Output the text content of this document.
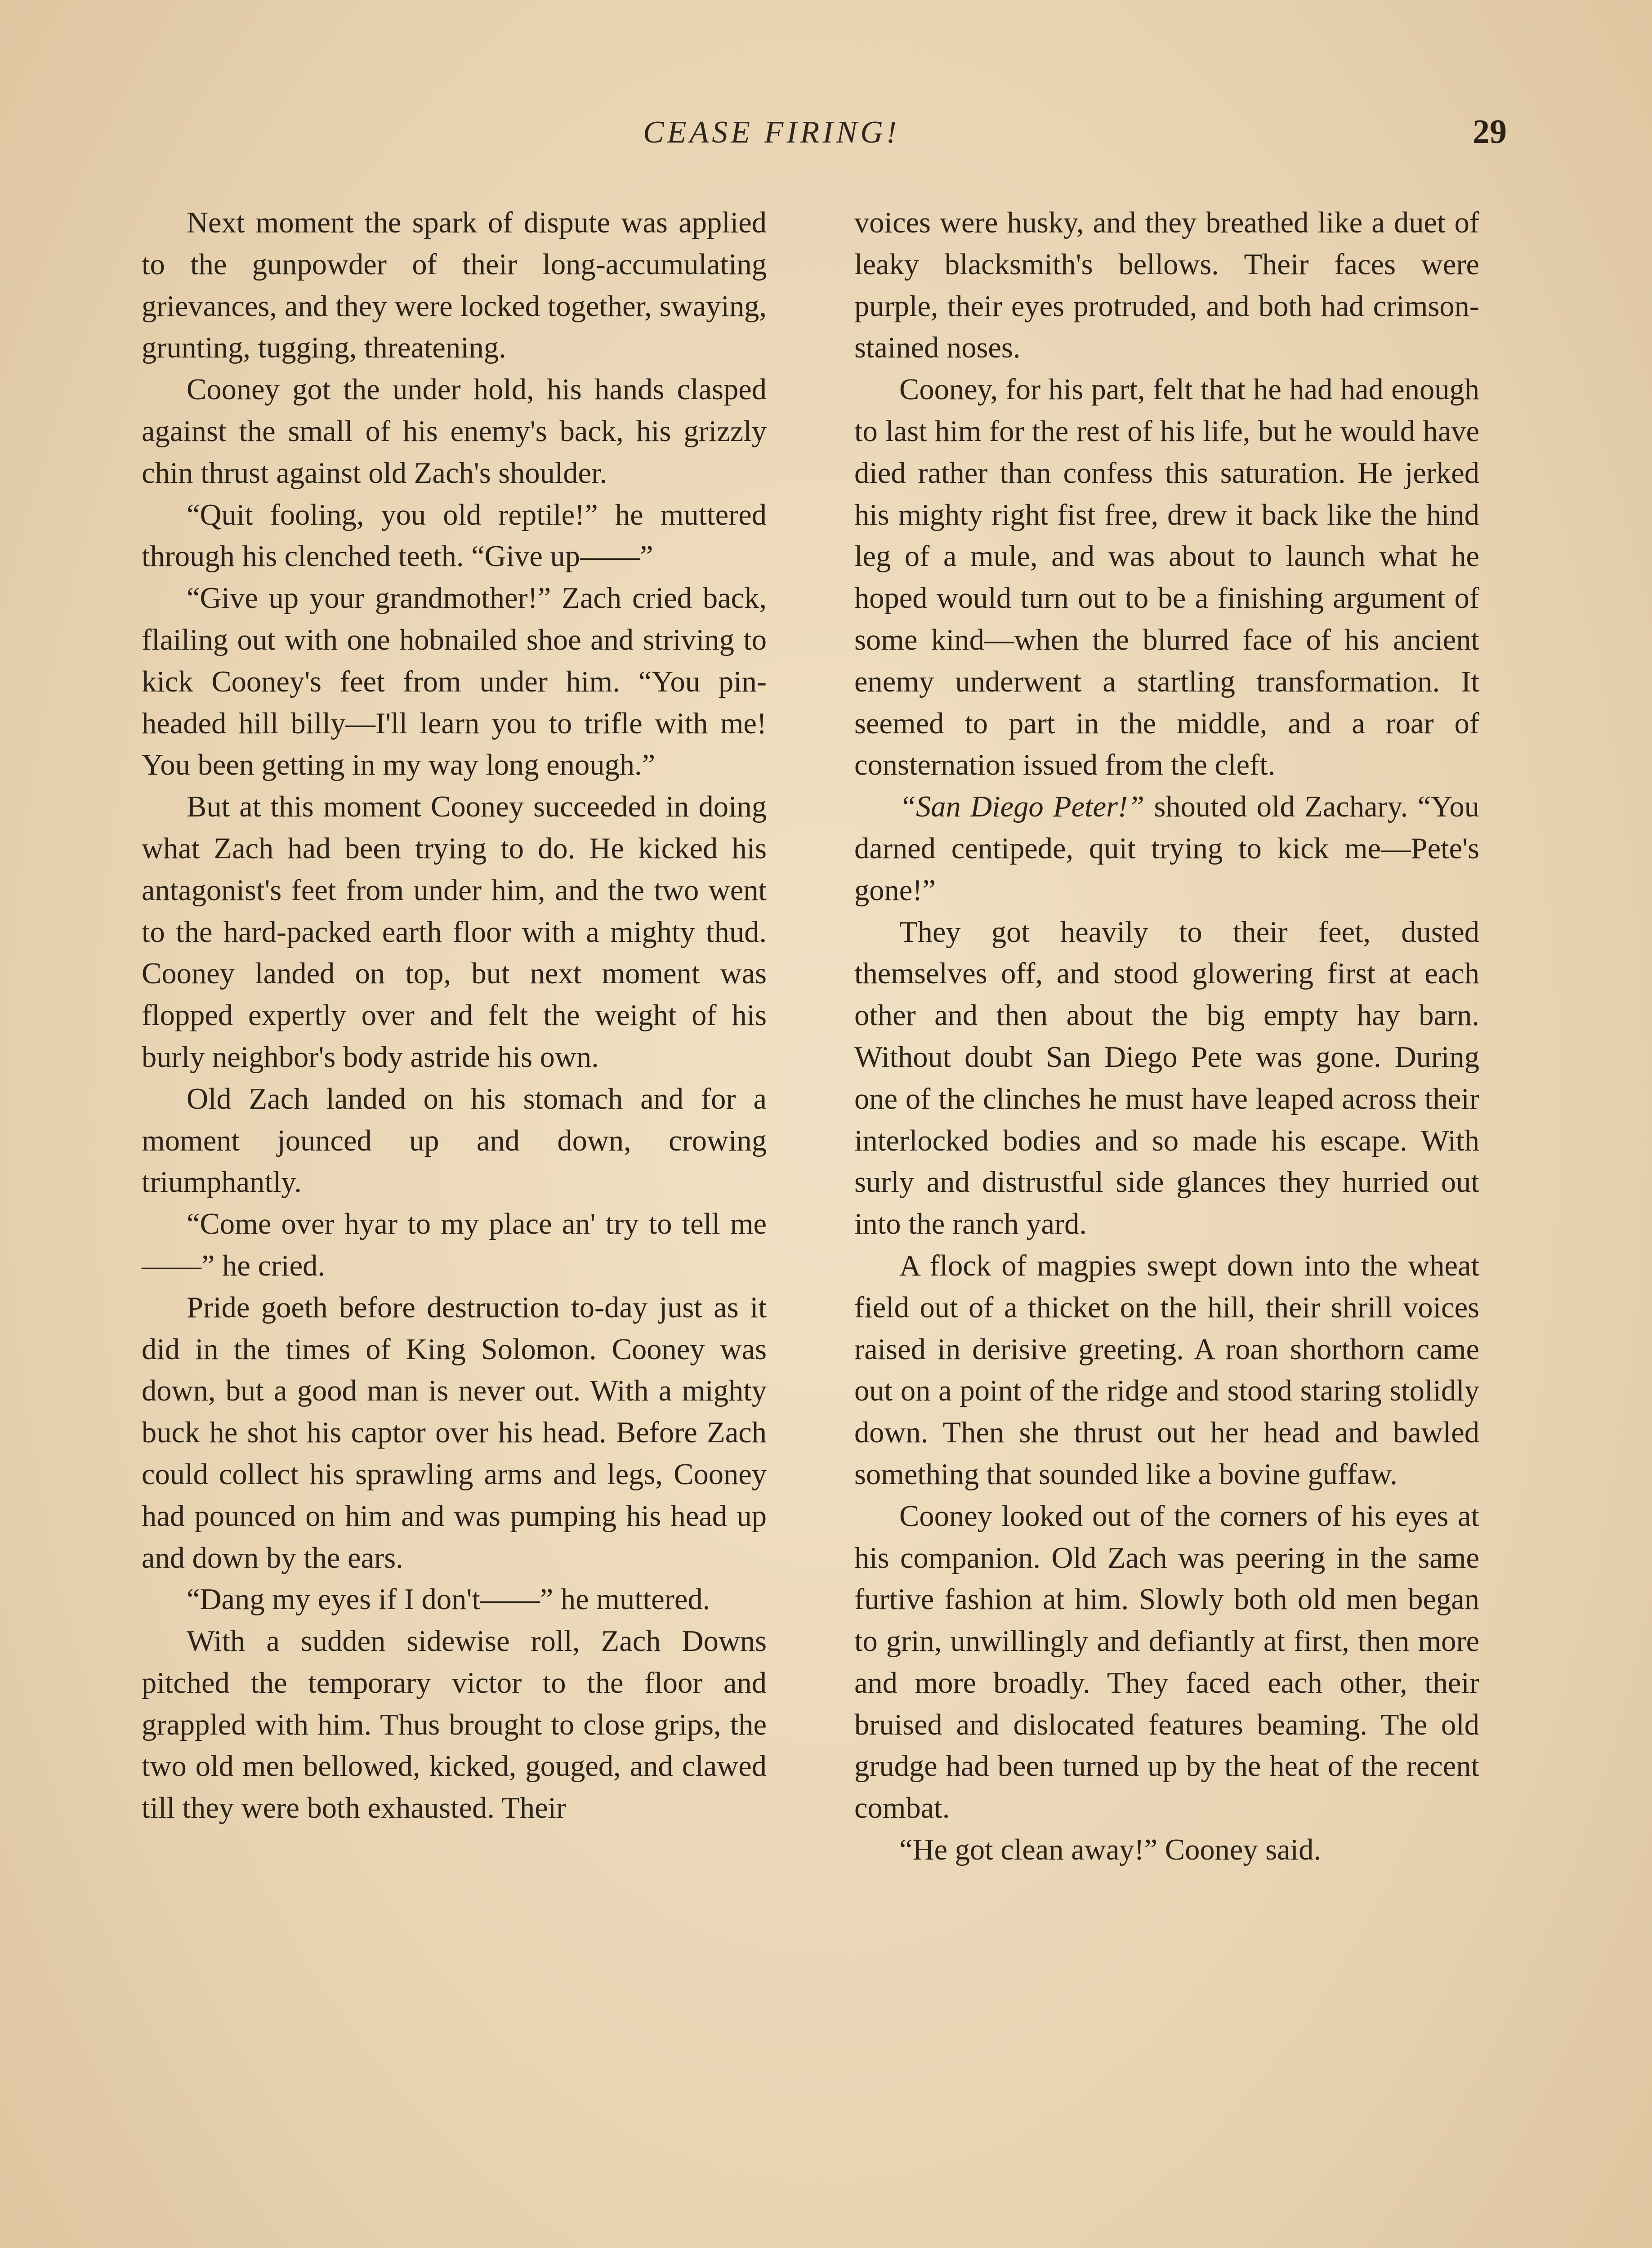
CEASE FIRING!	29

Next moment the spark of dispute was applied to the gunpowder of their long-accumulating grievances, and they were locked together, swaying, grunting, tugging, threatening.

Cooney got the under hold, his hands clasped against the small of his enemy's back, his grizzly chin thrust against old Zach's shoulder.

“Quit fooling, you old reptile!” he muttered through his clenched teeth. “Give up——”

“Give up your grandmother!” Zach cried back, flailing out with one hobnailed shoe and striving to kick Cooney's feet from under him. “You pin-headed hill billy—I'll learn you to trifle with me! You been getting in my way long enough.”

But at this moment Cooney succeeded in doing what Zach had been trying to do. He kicked his antagonist's feet from under him, and the two went to the hard-packed earth floor with a mighty thud. Cooney landed on top, but next moment was flopped expertly over and felt the weight of his burly neighbor's body astride his own.

Old Zach landed on his stomach and for a moment jounced up and down, crowing triumphantly.

“Come over hyar to my place an' try to tell me——” he cried.

Pride goeth before destruction to-day just as it did in the times of King Solomon. Cooney was down, but a good man is never out. With a mighty buck he shot his captor over his head. Before Zach could collect his sprawling arms and legs, Cooney had pounced on him and was pumping his head up and down by the ears.

“Dang my eyes if I don't——” he muttered.

With a sudden sidewise roll, Zach Downs pitched the temporary victor to the floor and grappled with him. Thus brought to close grips, the two old men bellowed, kicked, gouged, and clawed till they were both exhausted. Their

voices were husky, and they breathed like a duet of leaky blacksmith's bellows. Their faces were purple, their eyes protruded, and both had crimson-stained noses.

Cooney, for his part, felt that he had had enough to last him for the rest of his life, but he would have died rather than confess this saturation. He jerked his mighty right fist free, drew it back like the hind leg of a mule, and was about to launch what he hoped would turn out to be a finishing argument of some kind—when the blurred face of his ancient enemy underwent a startling transformation. It seemed to part in the middle, and a roar of consternation issued from the cleft.

“San Diego Peter!” shouted old Zachary. “You darned centipede, quit trying to kick me—Pete's gone!”

They got heavily to their feet, dusted themselves off, and stood glowering first at each other and then about the big empty hay barn. Without doubt San Diego Pete was gone. During one of the clinches he must have leaped across their interlocked bodies and so made his escape. With surly and distrustful side glances they hurried out into the ranch yard.

A flock of magpies swept down into the wheat field out of a thicket on the hill, their shrill voices raised in derisive greeting. A roan shorthorn came out on a point of the ridge and stood staring stolidly down. Then she thrust out her head and bawled something that sounded like a bovine guffaw.

Cooney looked out of the corners of his eyes at his companion. Old Zach was peering in the same furtive fashion at him. Slowly both old men began to grin, unwillingly and defiantly at first, then more and more broadly. They faced each other, their bruised and dislocated features beaming. The old grudge had been turned up by the heat of the recent combat.

“He got clean away!” Cooney said.
